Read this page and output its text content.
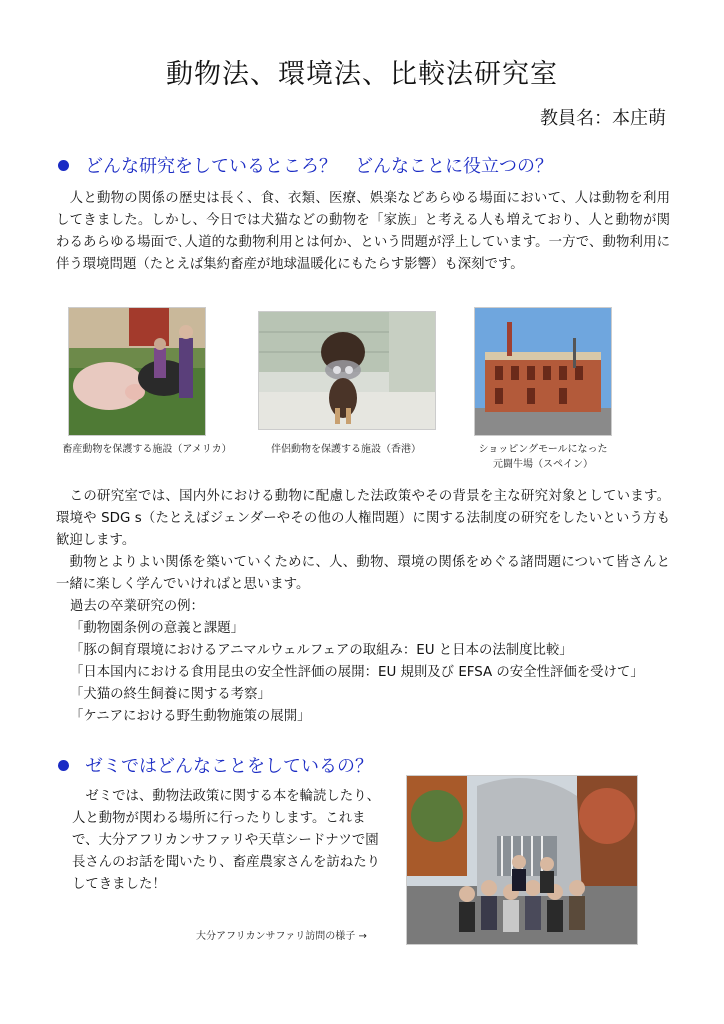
動物法、環境法、比較法研究室
教員名：本庄萌
どんな研究をしているところ？　どんなことに役立つの？

　人と動物の関係の歴史は長く、食、衣類、医療、娯楽などあらゆる場面において、人は動物を利用してきました。しかし、今日では犬猫などの動物を「家族」と考える人も増えており、人と動物が関わるあらゆる場面で､人道的な動物利用とは何か、という問題が浮上しています。一方で、動物利用に伴う環境問題（たとえば集約畜産が地球温暖化にもたらす影響）も深刻です。

畜産動物を保護する施設（アメリカ）	伴侶動物を保護する施設（香港）	ショッピングモールになった
元闘牛場（スペイン）
　この研究室では、国内外における動物に配慮した法政策やその背景を主な研究対象としています。環境や SDG s（たとえばジェンダーやその他の人権問題）に関する法制度の研究をしたいという方も歓迎します。
　動物とよりよい関係を築いていくために、人、動物、環境の関係をめぐる諸問題について皆さんと一緒に楽しく学んでいければと思います。
過去の卒業研究の例：
「動物園条例の意義と課題」
「豚の飼育環境におけるアニマルウェルフェアの取組み：EU と日本の法制度比較」
「日本国内における食用昆虫の安全性評価の展開：EU 規則及び EFSA の安全性評価を受けて」
「犬猫の終生飼養に関する考察」
「ケニアにおける野生動物施策の展開」
ゼミではどんなことをしているの？

　ゼミでは、動物法政策に関する本を輪読したり、人と動物が関わる場所に行ったりします。これまで、大分アフリカンサファリや天草シードナツで園長さんのお話を聞いたり、畜産農家さんを訪ねたりしてきました！

大分アフリカンサファリ訪問の様子 →
